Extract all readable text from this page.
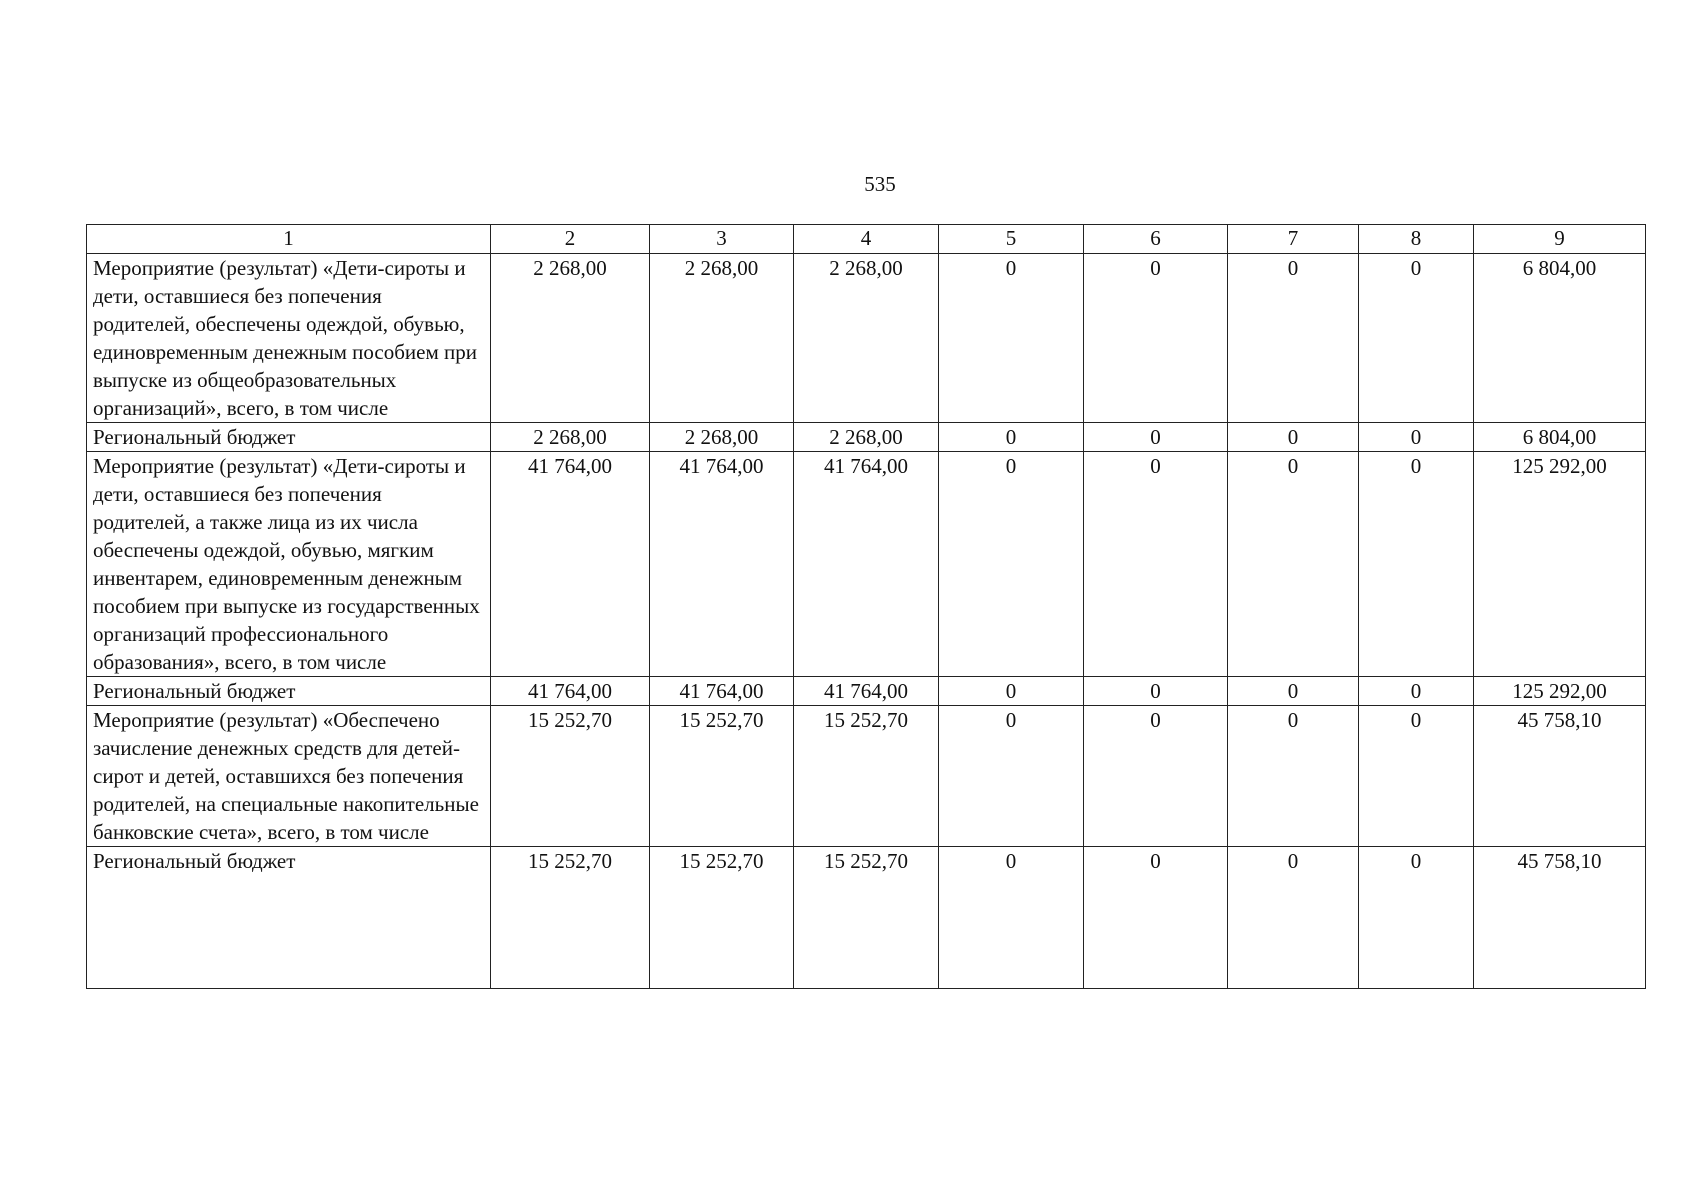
535
1	2	3	4	5	6	7	8	9
Мероприятие (результат) «Дети-сироты и дети, оставшиеся без попечения родителей, обеспечены одеждой, обувью, единовременным денежным пособием при выпуске из общеобразовательных организаций», всего, в том числе	2 268,00	2 268,00	2 268,00	0	0	0	0	6 804,00
Региональный бюджет	2 268,00	2 268,00	2 268,00	0	0	0	0	6 804,00
Мероприятие (результат) «Дети-сироты и дети, оставшиеся без попечения родителей, а также лица из их числа обеспечены одеждой, обувью, мягким инвентарем, единовременным денежным пособием при выпуске из государственных организаций профессионального образования», всего, в том числе	41 764,00	41 764,00	41 764,00	0	0	0	0	125 292,00
Региональный бюджет	41 764,00	41 764,00	41 764,00	0	0	0	0	125 292,00
Мероприятие (результат) «Обеспечено зачисление денежных средств для детей-сирот и детей, оставшихся без попечения родителей, на специальные накопительные банковские счета», всего, в том числе	15 252,70	15 252,70	15 252,70	0	0	0	0	45 758,10
Региональный бюджет	15 252,70	15 252,70	15 252,70	0	0	0	0	45 758,10
